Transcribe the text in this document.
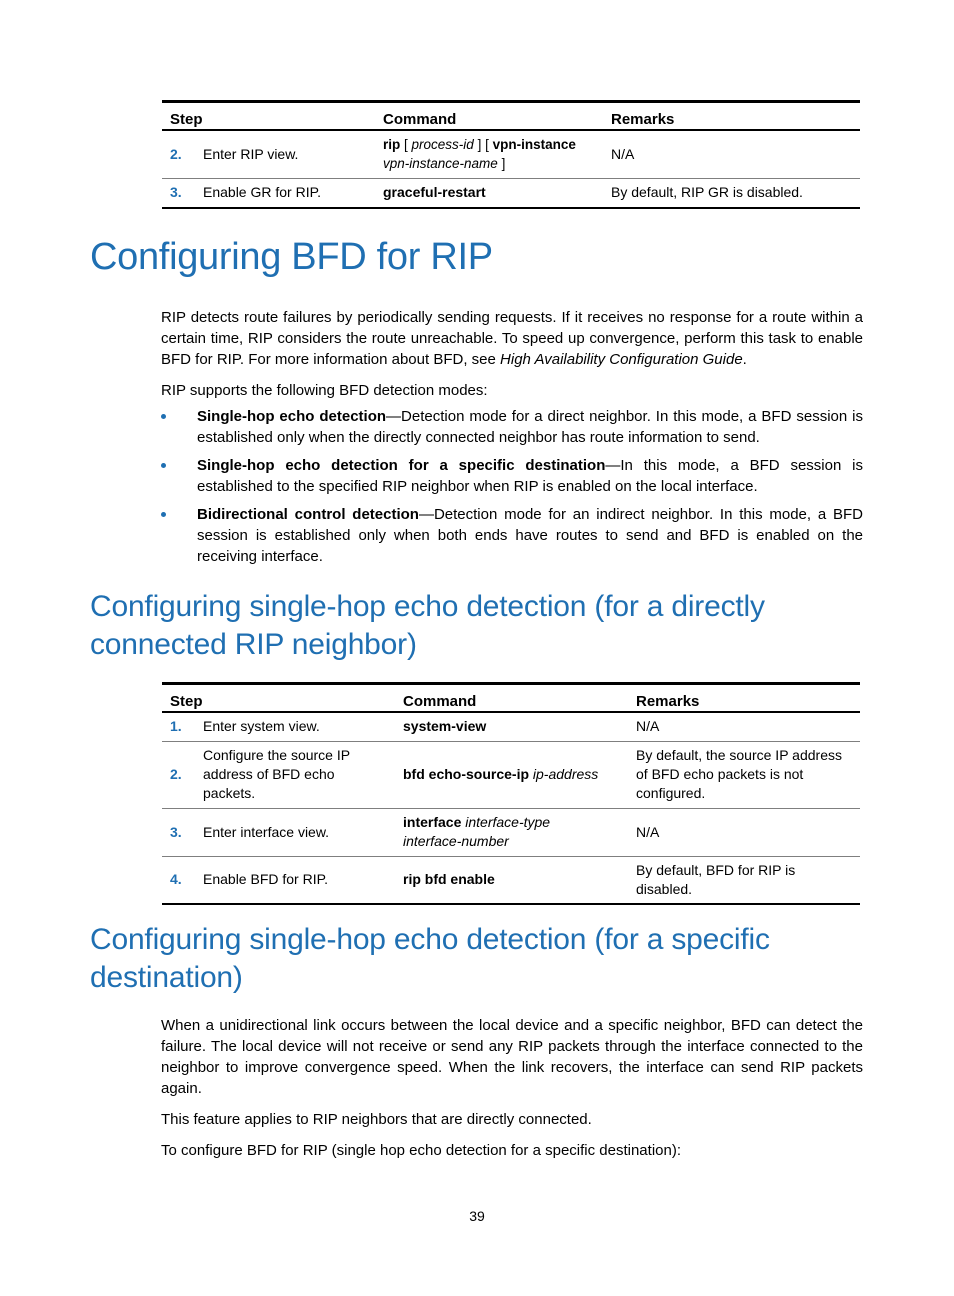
Step		Command	Remarks
2.	Enter RIP view.	rip [ process-id ] [ vpn-instance
vpn-instance-name ]	N/A
3.	Enable GR for RIP.	graceful-restart	By default, RIP GR is disabled.
Configuring BFD for RIP

RIP detects route failures by periodically sending requests. If it receives no response for a route within a certain time, RIP considers the route unreachable. To speed up convergence, perform this task to enable BFD for RIP. For more information about BFD, see High Availability Configuration Guide.

RIP supports the following BFD detection modes:

Single-hop echo detection—Detection mode for a direct neighbor. In this mode, a BFD session is established only when the directly connected neighbor has route information to send.
Single-hop echo detection for a specific destination—In this mode, a BFD session is established to the specified RIP neighbor when RIP is enabled on the local interface.
Bidirectional control detection—Detection mode for an indirect neighbor. In this mode, a BFD session is established only when both ends have routes to send and BFD is enabled on the receiving interface.
Configuring single-hop echo detection (for a directly connected RIP neighbor)
Step		Command	Remarks
1.	Enter system view.	system-view	N/A
2.	Configure the source IP address of BFD echo packets.	bfd echo-source-ip ip-address	By default, the source IP address of BFD echo packets is not configured.
3.	Enter interface view.	interface interface-type
interface-number	N/A
4.	Enable BFD for RIP.	rip bfd enable	By default, BFD for RIP is disabled.
Configuring single-hop echo detection (for a specific destination)

When a unidirectional link occurs between the local device and a specific neighbor, BFD can detect the failure. The local device will not receive or send any RIP packets through the interface connected to the neighbor to improve convergence speed. When the link recovers, the interface can send RIP packets again.

This feature applies to RIP neighbors that are directly connected.

To configure BFD for RIP (single hop echo detection for a specific destination):

39
